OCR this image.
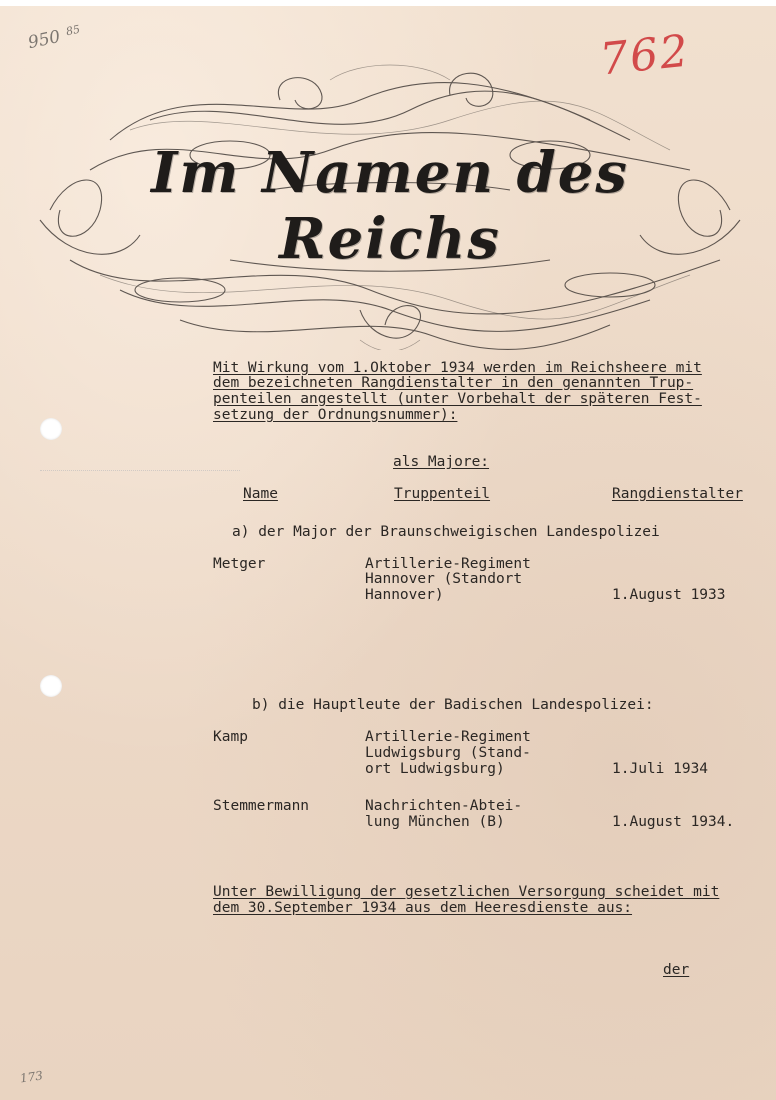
950 85	762
173
Im Namen des Reichs
Mit Wirkung vom 1.Oktober 1934 werden im Reichsheere mit
dem bezeichneten Rangdienstalter in den genannten Trup-
penteilen angestellt (unter Vorbehalt der späteren Fest-
setzung der Ordnungsnummer):
als Majore:
Name	Truppenteil	Rangdienstalter
a) der Major der Braunschweigischen Landespolizei
Metger	Artillerie-Regiment
Hannover (Standort
Hannover)	1.August 1933
b) die Hauptleute der Badischen Landespolizei:
Kamp	Artillerie-Regiment
Ludwigsburg (Stand-
ort Ludwigsburg)	1.Juli 1934
Stemmermann	Nachrichten-Abtei-
lung München (B)	1.August 1934.
Unter Bewilligung der gesetzlichen Versorgung scheidet mit
dem 30.September 1934 aus dem Heeresdienste aus:
der
